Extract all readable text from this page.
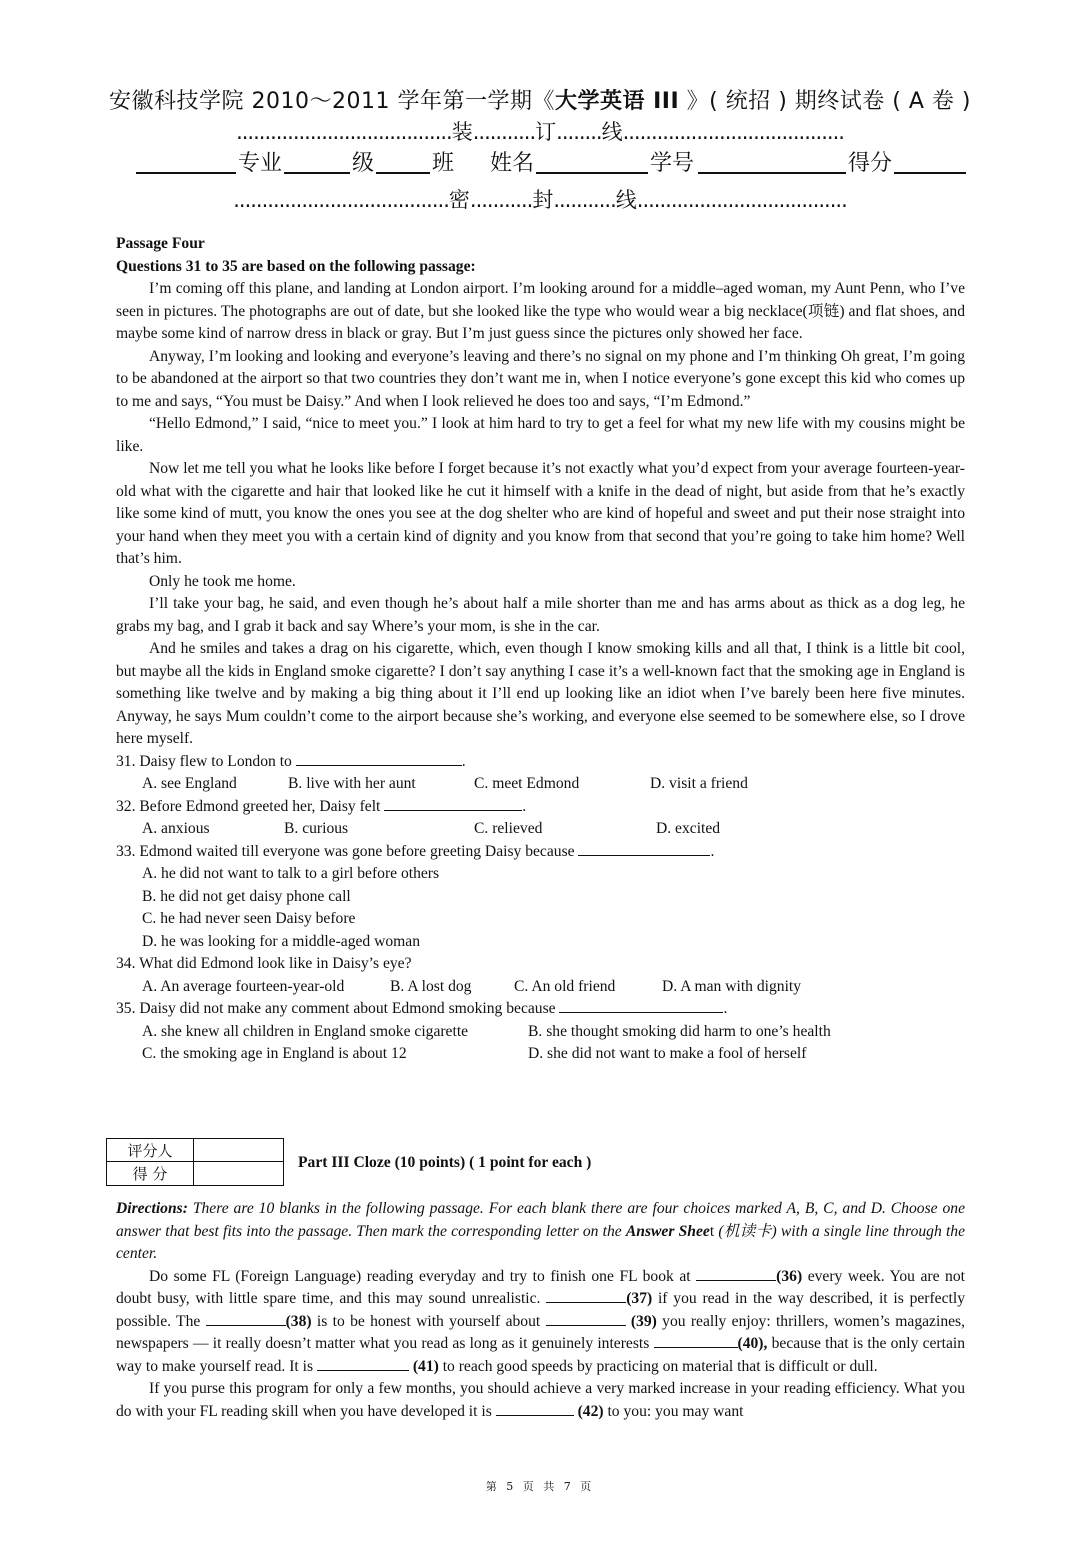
安徽科技学院 2010～2011 学年第一学期《大学英语 III 》( 统招 ) 期终试卷 ( A 卷 )
......................................装...........订........线.......................................
专业	级	班 姓名	学号	得分
......................................密...........封...........线.....................................

Passage Four

Questions 31 to 35 are based on the following passage:

I’m coming off this plane, and landing at London airport. I’m looking around for a middle–aged woman, my Aunt Penn, who I’ve seen in pictures. The photographs are out of date, but she looked like the type who would wear a big necklace(项链) and flat shoes, and maybe some kind of narrow dress in black or gray. But I’m just guess since the pictures only showed her face.

Anyway, I’m looking and looking and everyone’s leaving and there’s no signal on my phone and I’m thinking Oh great, I’m going to be abandoned at the airport so that two countries they don’t want me in, when I notice everyone’s gone except this kid who comes up to me and says, “You must be Daisy.” And when I look relieved he does too and says, “I’m Edmond.”

“Hello Edmond,” I said, “nice to meet you.” I look at him hard to try to get a feel for what my new life with my cousins might be like.

Now let me tell you what he looks like before I forget because it’s not exactly what you’d expect from your average fourteen-year-old what with the cigarette and hair that looked like he cut it himself with a knife in the dead of night, but aside from that he’s exactly like some kind of mutt, you know the ones you see at the dog shelter who are kind of hopeful and sweet and put their nose straight into your hand when they meet you with a certain kind of dignity and you know from that second that you’re going to take him home? Well that’s him.

Only he took me home.

I’ll take your bag, he said, and even though he’s about half a mile shorter than me and has arms about as thick as a dog leg, he grabs my bag, and I grab it back and say Where’s your mom, is she in the car.

And he smiles and takes a drag on his cigarette, which, even though I know smoking kills and all that, I think is a little bit cool, but maybe all the kids in England smoke cigarette? I don’t say anything I case it’s a well-known fact that the smoking age in England is something like twelve and by making a big thing about it I’ll end up looking like an idiot when I’ve barely been here five minutes. Anyway, he says Mum couldn’t come to the airport because she’s working, and everyone else seemed to be somewhere else, so I drove here myself.

31. Daisy flew to London to	.

A. see England	B. live with her aunt	C. meet Edmond	D. visit a friend

32. Before Edmond greeted her, Daisy felt	.

A. anxious	B. curious	C. relieved	D. excited

33. Edmond waited till everyone was gone before greeting Daisy because	.

A. he did not want to talk to a girl before others

B. he did not get daisy phone call

C. he had never seen Daisy before

D. he was looking for a middle-aged woman

34. What did Edmond look like in Daisy’s eye?

A. An average fourteen-year-old	B. A lost dog	C. An old friend	D. A man with dignity

35. Daisy did not make any comment about Edmond smoking because	.

A. she knew all children in England smoke cigarette	B. she thought smoking did harm to one’s health
C. the smoking age in England is about 12	D. she did not want to make a fool of herself
评分人
得 分
Part III Cloze (10 points) ( 1 point for each )

Directions: There are 10 blanks in the following passage. For each blank there are four choices marked A, B, C, and D. Choose one answer that best fits into the passage. Then mark the corresponding letter on the Answer Sheet (机读卡) with a single line through the center.

Do some FL (Foreign Language) reading everyday and try to finish one FL book at	(36) every week. You are not doubt busy, with little spare time, and this may sound unrealistic.	(37) if you read in the way described, it is perfectly possible. The	(38) is to be honest with yourself about	(39) you really enjoy: thrillers, women’s magazines, newspapers — it really doesn’t matter what you read as long as it genuinely interests	(40), because that is the only certain way to make yourself read. It is	(41) to reach good speeds by practicing on material that is difficult or dull.

If you purse this program for only a few months, you should achieve a very marked increase in your reading efficiency. What you do with your FL reading skill when you have developed it is	(42) to you: you may want

第 5 页 共 7 页
